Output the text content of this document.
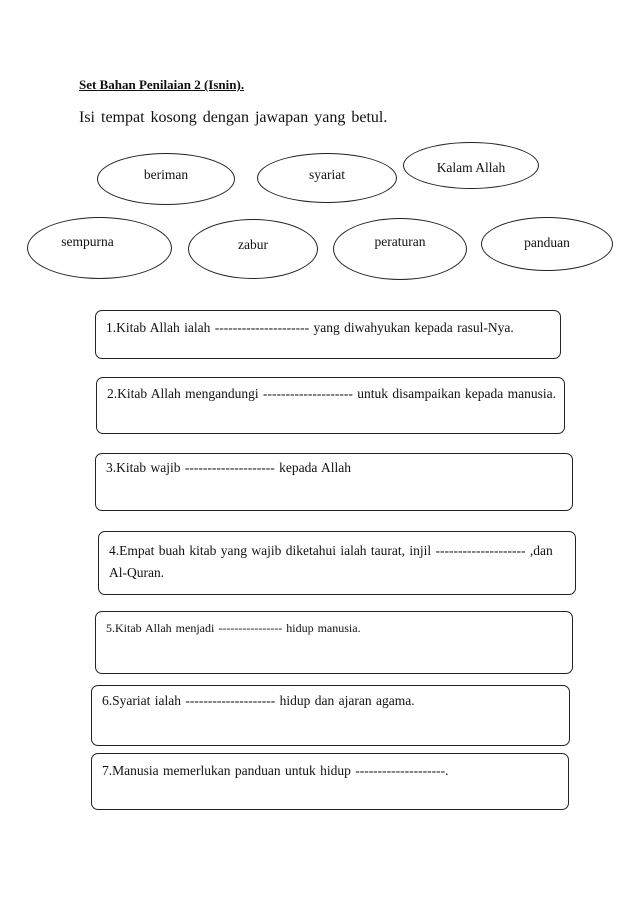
Set Bahan Penilaian 2 (Isnin).
Isi tempat kosong dengan jawapan yang betul.
beriman	syariat	Kalam Allah
sempurna	zabur	peraturan	panduan
1.Kitab Allah ialah --------------------- yang diwahyukan kepada rasul-Nya.
2.Kitab Allah mengandungi -------------------- untuk disampaikan kepada manusia.
3.Kitab wajib -------------------- kepada Allah
4.Empat buah kitab yang wajib diketahui ialah taurat, injil -------------------- ,dan Al-Quran.
5.Kitab Allah menjadi ---------------- hidup manusia.
6.Syariat ialah -------------------- hidup dan ajaran agama.
7.Manusia memerlukan panduan untuk hidup --------------------.
